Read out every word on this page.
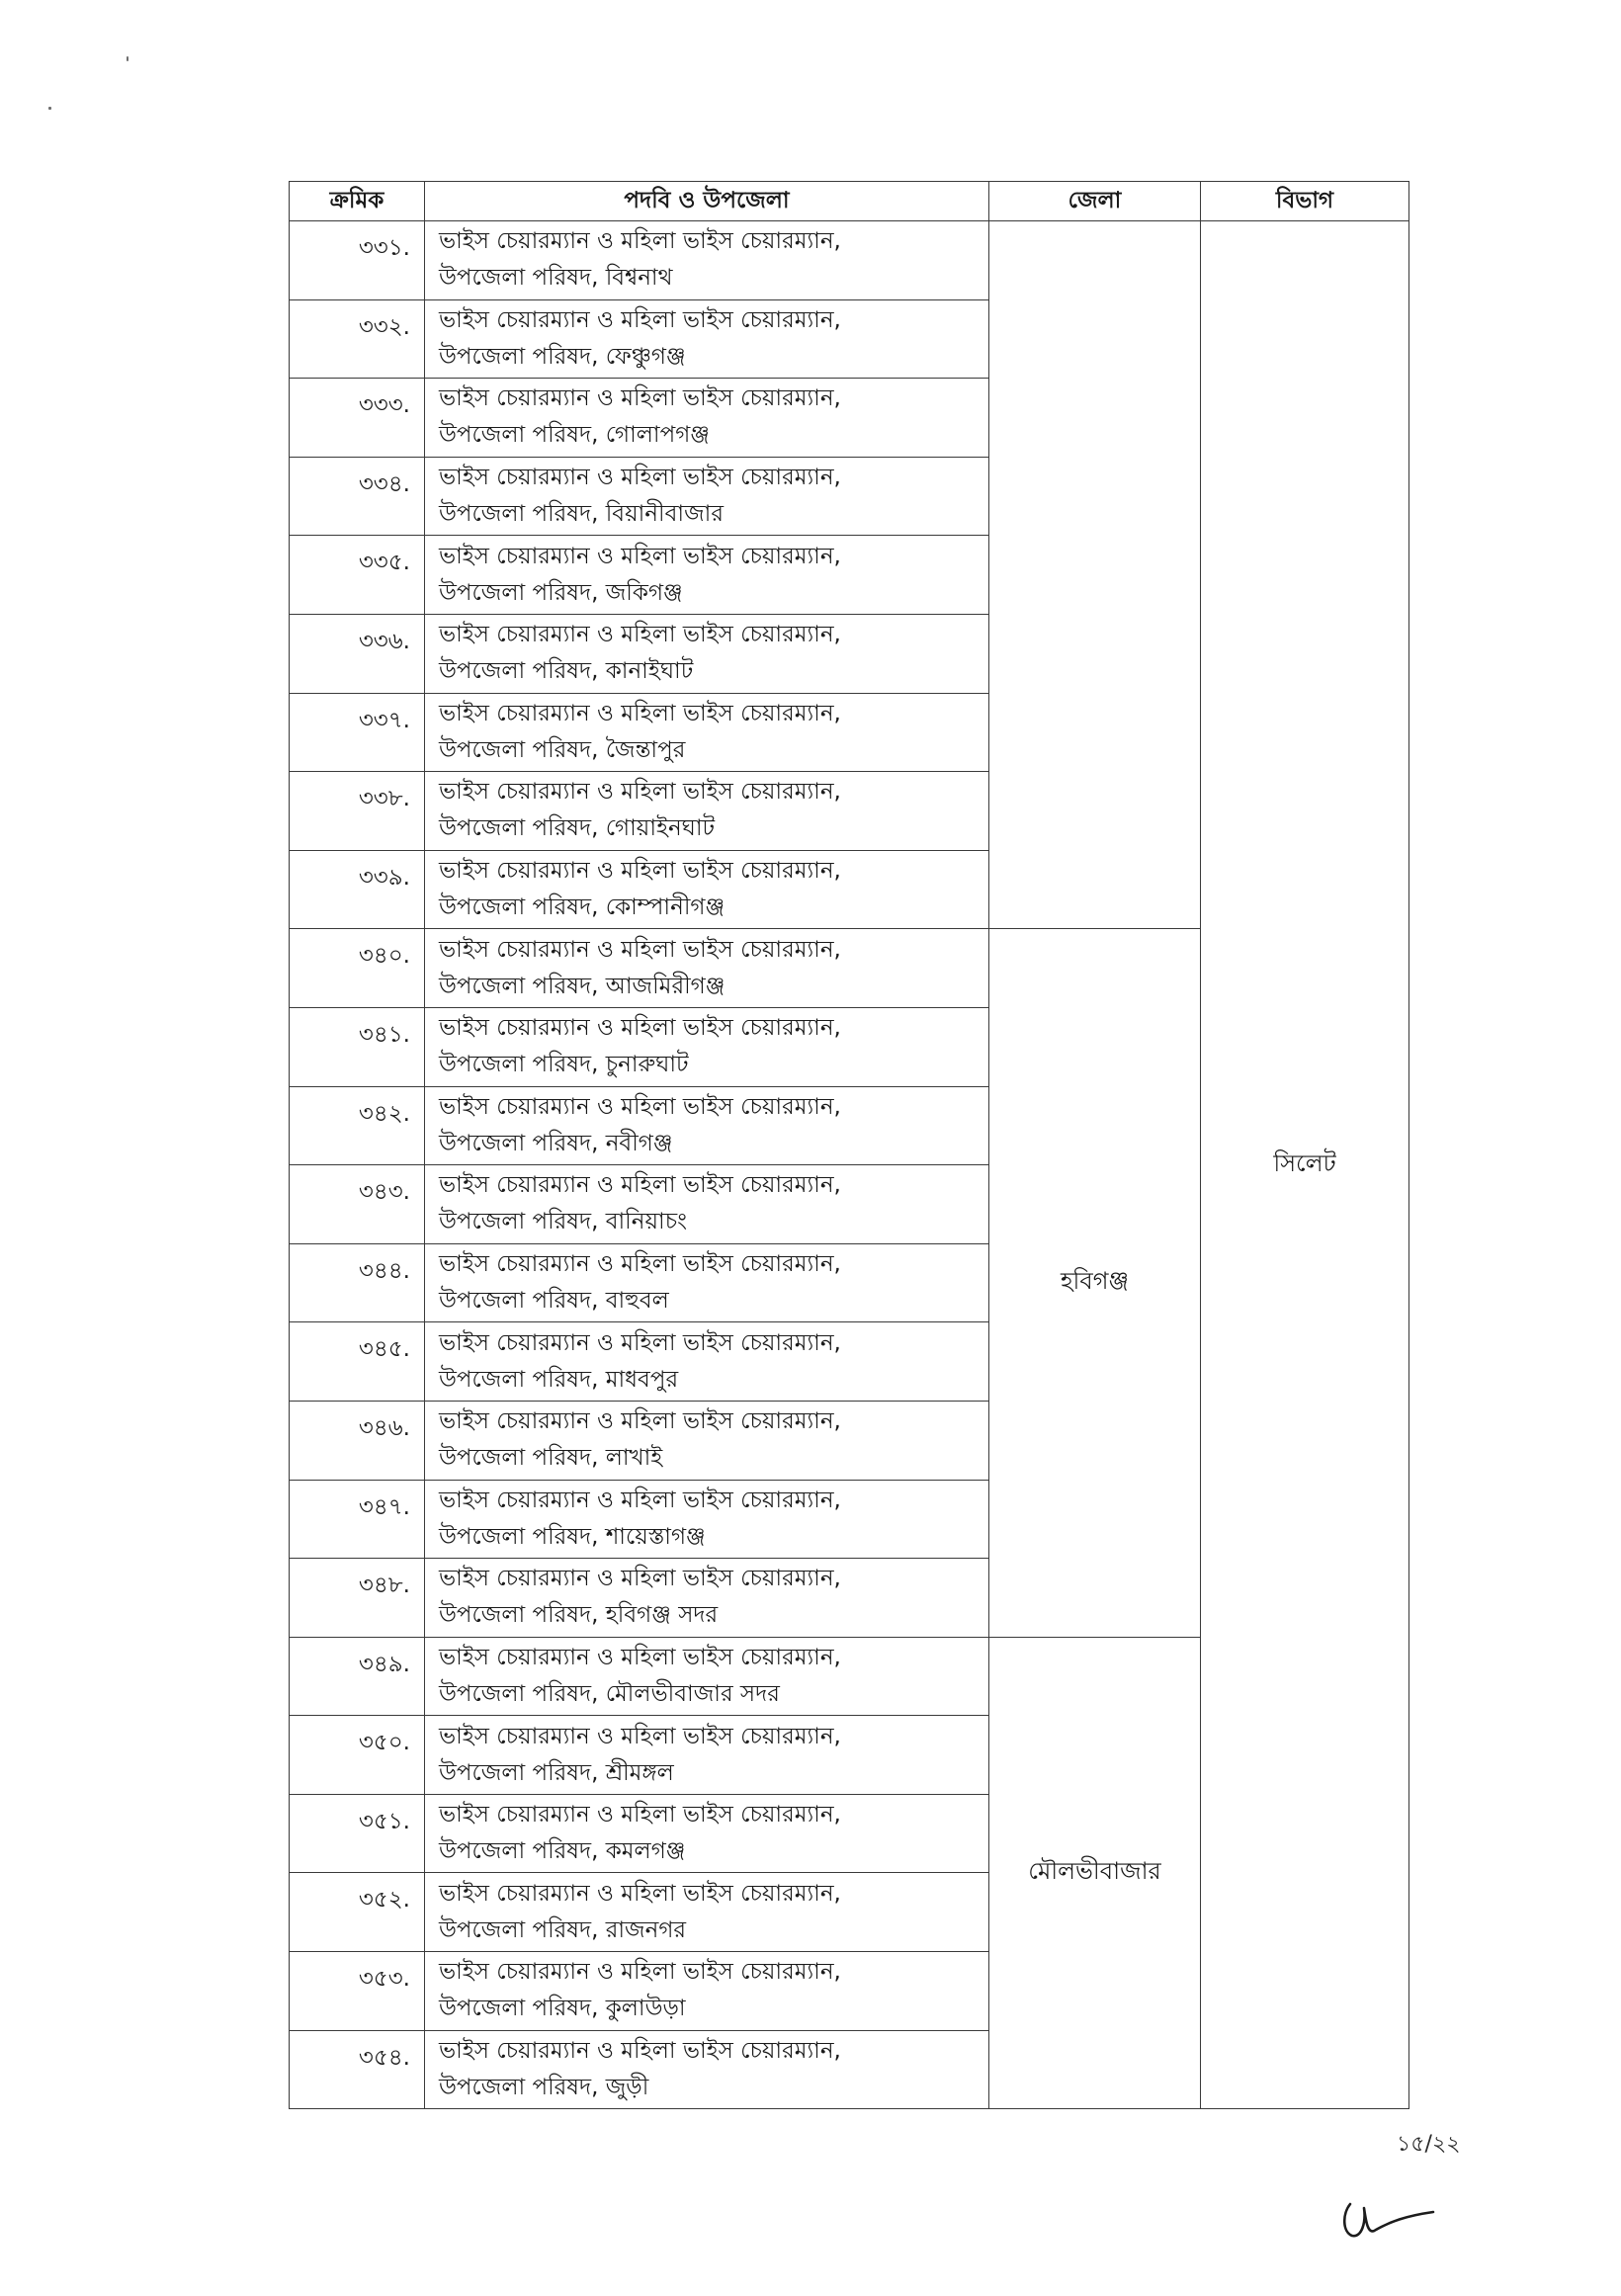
ক্রমিক	পদবি ও উপজেলা	জেলা	বিভাগ
৩৩১.	ভাইস চেয়ারম্যান ও মহিলা ভাইস চেয়ারম্যান,
উপজেলা পরিষদ, বিশ্বনাথ		সিলেট
৩৩২.	ভাইস চেয়ারম্যান ও মহিলা ভাইস চেয়ারম্যান,
উপজেলা পরিষদ, ফেঞ্চুগঞ্জ		

৩৩৩.	ভাইস চেয়ারম্যান ও মহিলা ভাইস চেয়ারম্যান,
উপজেলা পরিষদ, গোলাপগঞ্জ		

৩৩৪.	ভাইস চেয়ারম্যান ও মহিলা ভাইস চেয়ারম্যান,
উপজেলা পরিষদ, বিয়ানীবাজার		

৩৩৫.	ভাইস চেয়ারম্যান ও মহিলা ভাইস চেয়ারম্যান,
উপজেলা পরিষদ, জকিগঞ্জ		

৩৩৬.	ভাইস চেয়ারম্যান ও মহিলা ভাইস চেয়ারম্যান,
উপজেলা পরিষদ, কানাইঘাট		

৩৩৭.	ভাইস চেয়ারম্যান ও মহিলা ভাইস চেয়ারম্যান,
উপজেলা পরিষদ, জৈন্তাপুর		

৩৩৮.	ভাইস চেয়ারম্যান ও মহিলা ভাইস চেয়ারম্যান,
উপজেলা পরিষদ, গোয়াইনঘাট		

৩৩৯.	ভাইস চেয়ারম্যান ও মহিলা ভাইস চেয়ারম্যান,
উপজেলা পরিষদ, কোম্পানীগঞ্জ		

৩৪০.	ভাইস চেয়ারম্যান ও মহিলা ভাইস চেয়ারম্যান,
উপজেলা পরিষদ, আজমিরীগঞ্জ	হবিগঞ্জ	
৩৪১.	ভাইস চেয়ারম্যান ও মহিলা ভাইস চেয়ারম্যান,
উপজেলা পরিষদ, চুনারুঘাট		

৩৪২.	ভাইস চেয়ারম্যান ও মহিলা ভাইস চেয়ারম্যান,
উপজেলা পরিষদ, নবীগঞ্জ		

৩৪৩.	ভাইস চেয়ারম্যান ও মহিলা ভাইস চেয়ারম্যান,
উপজেলা পরিষদ, বানিয়াচং		

৩৪৪.	ভাইস চেয়ারম্যান ও মহিলা ভাইস চেয়ারম্যান,
উপজেলা পরিষদ, বাহুবল		

৩৪৫.	ভাইস চেয়ারম্যান ও মহিলা ভাইস চেয়ারম্যান,
উপজেলা পরিষদ, মাধবপুর		

৩৪৬.	ভাইস চেয়ারম্যান ও মহিলা ভাইস চেয়ারম্যান,
উপজেলা পরিষদ, লাখাই		

৩৪৭.	ভাইস চেয়ারম্যান ও মহিলা ভাইস চেয়ারম্যান,
উপজেলা পরিষদ, শায়েস্তাগঞ্জ		

৩৪৮.	ভাইস চেয়ারম্যান ও মহিলা ভাইস চেয়ারম্যান,
উপজেলা পরিষদ, হবিগঞ্জ সদর		

৩৪৯.	ভাইস চেয়ারম্যান ও মহিলা ভাইস চেয়ারম্যান,
উপজেলা পরিষদ, মৌলভীবাজার সদর	মৌলভীবাজার	
৩৫০.	ভাইস চেয়ারম্যান ও মহিলা ভাইস চেয়ারম্যান,
উপজেলা পরিষদ, শ্রীমঙ্গল		

৩৫১.	ভাইস চেয়ারম্যান ও মহিলা ভাইস চেয়ারম্যান,
উপজেলা পরিষদ, কমলগঞ্জ		

৩৫২.	ভাইস চেয়ারম্যান ও মহিলা ভাইস চেয়ারম্যান,
উপজেলা পরিষদ, রাজনগর		

৩৫৩.	ভাইস চেয়ারম্যান ও মহিলা ভাইস চেয়ারম্যান,
উপজেলা পরিষদ, কুলাউড়া		

৩৫৪.	ভাইস চেয়ারম্যান ও মহিলা ভাইস চেয়ারম্যান,
উপজেলা পরিষদ, জুড়ী		
১৫/২২
